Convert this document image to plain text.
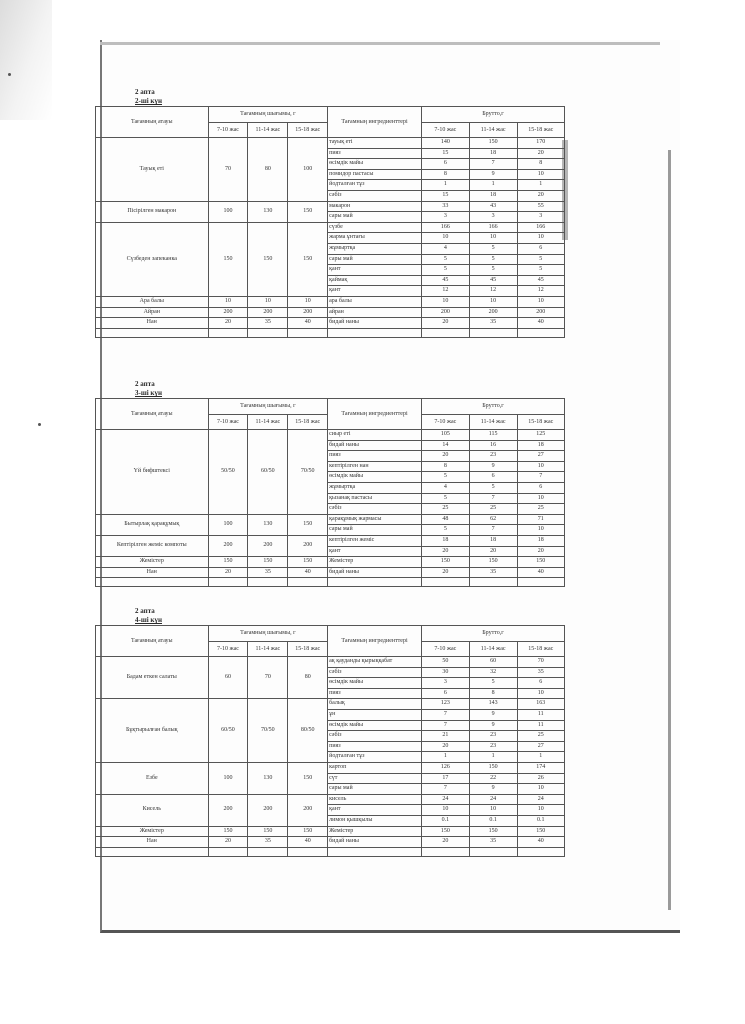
2 апта
2-ші күн
Тағамның атауы	Тағамның шығымы, г			Тағамның ингредиенттері	Брутто,г		
	7-10 жас	11-14 жас	15-18 жас		7-10 жас	11-14 жас	15-18 жас
Тауық еті	70	80	100	тауық еті	140	150	170
				пияз	15	18	20
				өсімдік майы	6	7	8
				помидор пастасы	8	9	10
				йодталған тұз	1	1	1
				сәбіз	15	18	20
Пісірілген макарон	100	130	150	макарон	33	43	55
				сары май	3	3	3
Сүзбеден запеканка	150	150	150	сүзбе	166	166	166
				жарма ұнтағы	10	10	10
				жұмыртқа	4	5	6
				сары май	5	5	5
				қант	5	5	5
				қаймақ	45	45	45
				қант	12	12	12
Ара балы	10	10	10	ара балы	10	10	10
Айран	200	200	200	айран	200	200	200
Нан	20	35	40	бидай наны	20	35	40

2 апта
3-ші күн
Тағамның атауы	Тағамның шығымы, г			Тағамның ингредиенттері	Брутто,г		
	7-10 жас	11-14 жас	15-18 жас		7-10 жас	11-14 жас	15-18 жас
Үй бифштексі	50/50	60/50	70/50	сиыр еті	105	115	125
				бидай наны	14	16	18
				пияз	20	23	27
				кептірілген нан	8	9	10
				өсімдік майы	5	6	7
				жұмыртқа	4	5	6
				қызанақ пастасы	5	7	10
				сәбіз	25	25	25
Бытырлақ қарақұмық	100	130	150	қарақұмық жармасы	48	62	71
				сары май	5	7	10
Кептірілген жеміс компоты	200	200	200	кептірілген жеміс	18	18	18
				қант	20	20	20
Жемістер	150	150	150	Жемістер	150	150	150
Нан	20	35	40	бидай наны	20	35	40

2 апта
4-ші күн
Тағамның атауы	Тағамның шығымы, г			Тағамның ингредиенттері	Брутто,г		
	7-10 жас	11-14 жас	15-18 жас		7-10 жас	11-14 жас	15-18 жас
Бадам еткен салаты	60	70	80	ақ қауданды қырыққабат	50	60	70
				сәбіз	30	32	35
				өсімдік майы	3	5	6
				пияз	6	8	10
Бұқтырылған балық	60/50	70/50	80/50	балық	123	143	163
				ұн	7	9	11
				өсімдік майы	7	9	11
				сәбіз	21	23	25
				пияз	20	23	27
				йодталған тұз	1	1	1
Езбе	100	130	150	картоп	126	150	174
				сүт	17	22	26
				сары май	7	9	10
Кисель	200	200	200	кисель	24	24	24
				қант	10	10	10
				лимон қышқылы	0.1	0.1	0.1
Жемістер	150	150	150	Жемістер	150	150	150
Нан	20	35	40	бидай наны	20	35	40
